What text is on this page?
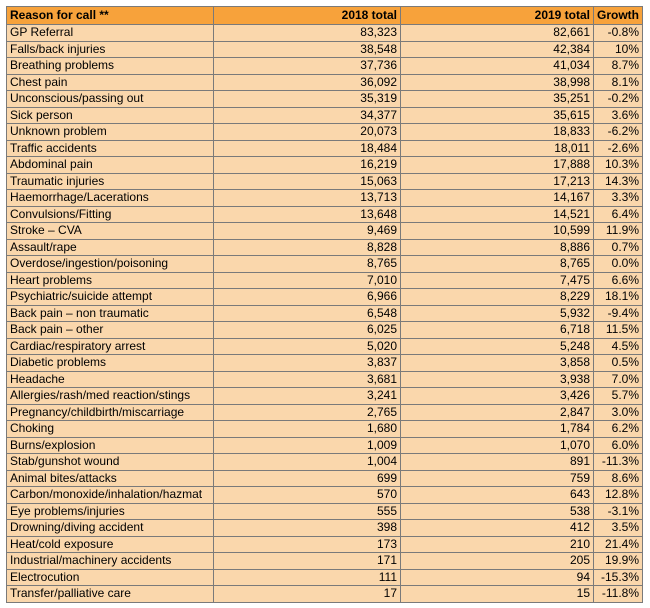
Reason for call **	2018 total	2019 total	Growth
GP Referral	83,323	82,661	-0.8%
Falls/back injuries	38,548	42,384	10%
Breathing problems	37,736	41,034	8.7%
Chest pain	36,092	38,998	8.1%
Unconscious/passing out	35,319	35,251	-0.2%
Sick person	34,377	35,615	3.6%
Unknown problem	20,073	18,833	-6.2%
Traffic accidents	18,484	18,011	-2.6%
Abdominal pain	16,219	17,888	10.3%
Traumatic injuries	15,063	17,213	14.3%
Haemorrhage/Lacerations	13,713	14,167	3.3%
Convulsions/Fitting	13,648	14,521	6.4%
Stroke – CVA	9,469	10,599	11.9%
Assault/rape	8,828	8,886	0.7%
Overdose/ingestion/poisoning	8,765	8,765	0.0%
Heart problems	7,010	7,475	6.6%
Psychiatric/suicide attempt	6,966	8,229	18.1%
Back pain – non traumatic	6,548	5,932	-9.4%
Back pain – other	6,025	6,718	11.5%
Cardiac/respiratory arrest	5,020	5,248	4.5%
Diabetic problems	3,837	3,858	0.5%
Headache	3,681	3,938	7.0%
Allergies/rash/med reaction/stings	3,241	3,426	5.7%
Pregnancy/childbirth/miscarriage	2,765	2,847	3.0%
Choking	1,680	1,784	6.2%
Burns/explosion	1,009	1,070	6.0%
Stab/gunshot wound	1,004	891	-11.3%
Animal bites/attacks	699	759	8.6%
Carbon/monoxide/inhalation/hazmat	570	643	12.8%
Eye problems/injuries	555	538	-3.1%
Drowning/diving accident	398	412	3.5%
Heat/cold exposure	173	210	21.4%
Industrial/machinery accidents	171	205	19.9%
Electrocution	111	94	-15.3%
Transfer/palliative care	17	15	-11.8%
